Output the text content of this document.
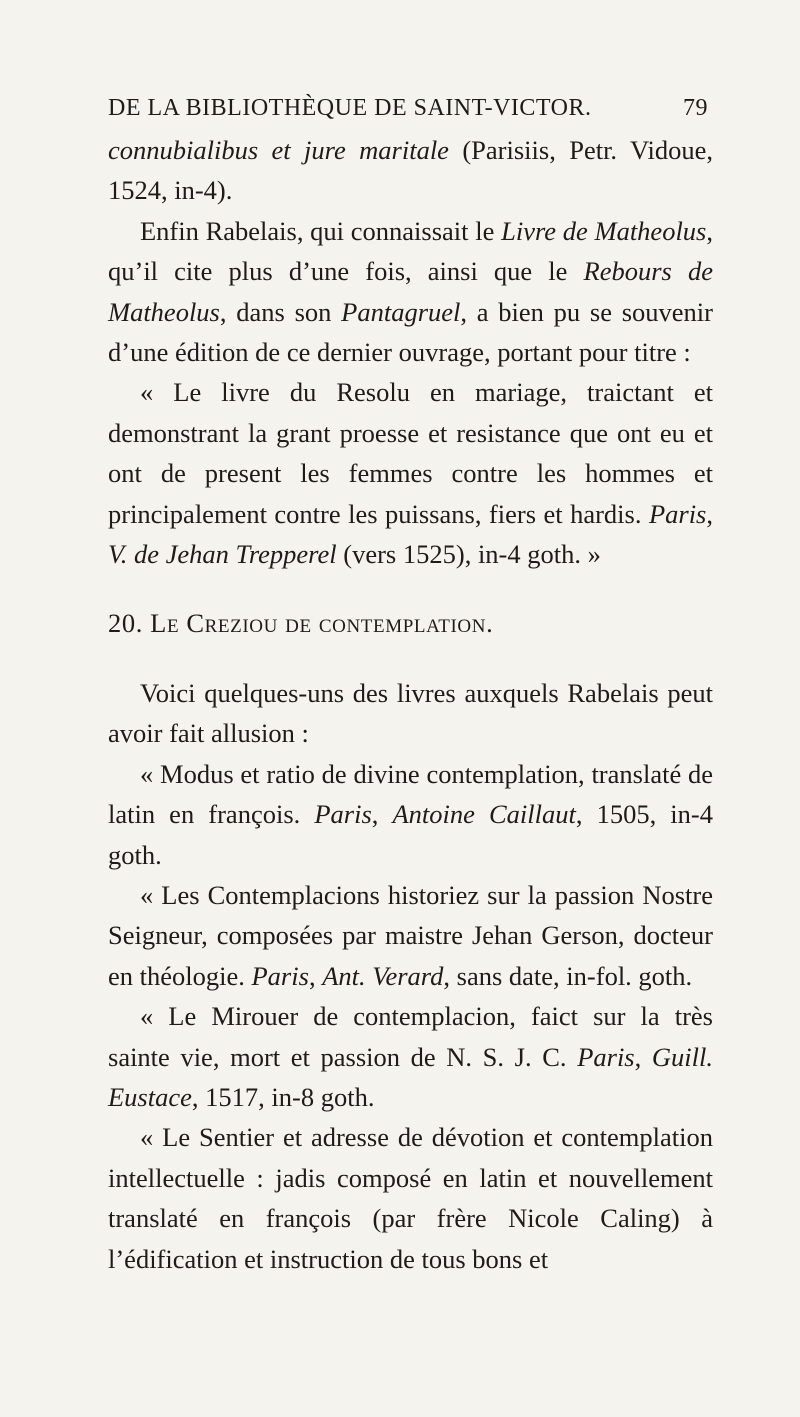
DE LA BIBLIOTHÈQUE DE SAINT-VICTOR.	79

connubialibus et jure maritale (Parisiis, Petr. Vidoue, 1524, in-4).

Enfin Rabelais, qui connaissait le Livre de Matheolus, qu’il cite plus d’une fois, ainsi que le Rebours de Matheolus, dans son Pantagruel, a bien pu se souvenir d’une édition de ce dernier ouvrage, portant pour titre :

« Le livre du Resolu en mariage, traictant et demonstrant la grant proesse et resistance que ont eu et ont de present les femmes contre les hommes et principalement contre les puissans, fiers et hardis. Paris, V. de Jehan Trepperel (vers 1525), in-4 goth. »

20. Le Creziou de contemplation.

Voici quelques-uns des livres auxquels Rabelais peut avoir fait allusion :

« Modus et ratio de divine contemplation, translaté de latin en françois. Paris, Antoine Caillaut, 1505, in-4 goth.

« Les Contemplacions historiez sur la passion Nostre Seigneur, composées par maistre Jehan Gerson, docteur en théologie. Paris, Ant. Verard, sans date, in-fol. goth.

« Le Mirouer de contemplacion, faict sur la très sainte vie, mort et passion de N. S. J. C. Paris, Guill. Eustace, 1517, in-8 goth.

« Le Sentier et adresse de dévotion et contemplation intellectuelle : jadis composé en latin et nouvellement translaté en françois (par frère Nicole Caling) à l’édification et instruction de tous bons et
